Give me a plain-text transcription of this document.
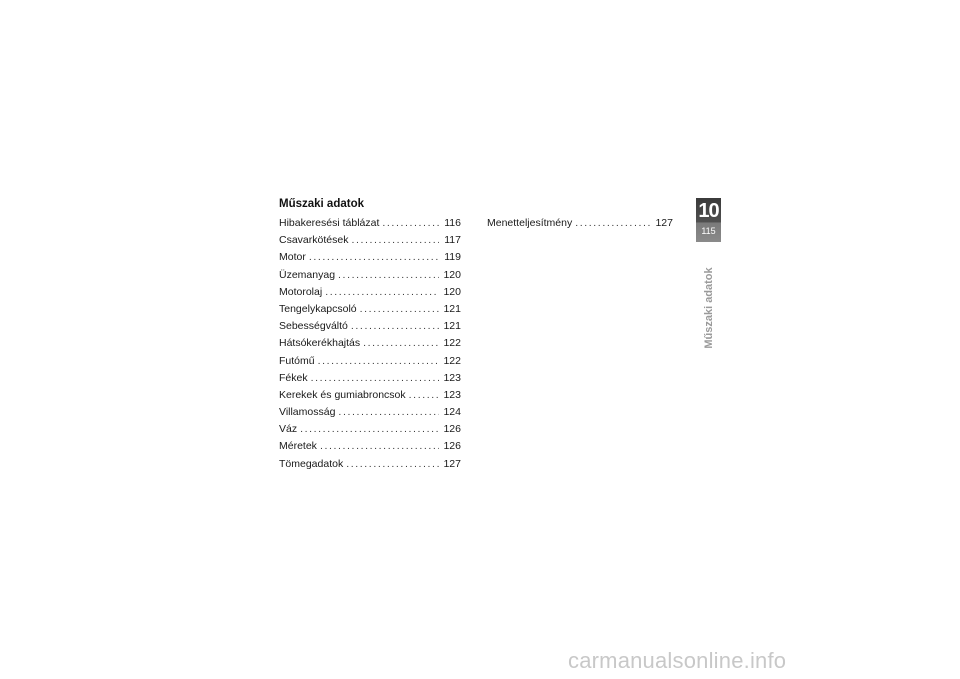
Műszaki adatok
Hibakeresési táblázat .....	116
Csavarkötések .....	117
Motor .....	119
Üzemanyag .....	120
Motorolaj .....	120
Tengelykapcsoló .....	121
Sebességváltó .....	121
Hátsókerékhajtás .....	122
Futómű .....	122
Fékek .....	123
Kerekek és gumiabroncsok .....	123
Villamosság .....	124
Váz .....	126
Méretek .....	126
Tömegadatok .....	127
Menetteljesítmény .....	127
10
115
Műszaki adatok
carmanualsonline.info
